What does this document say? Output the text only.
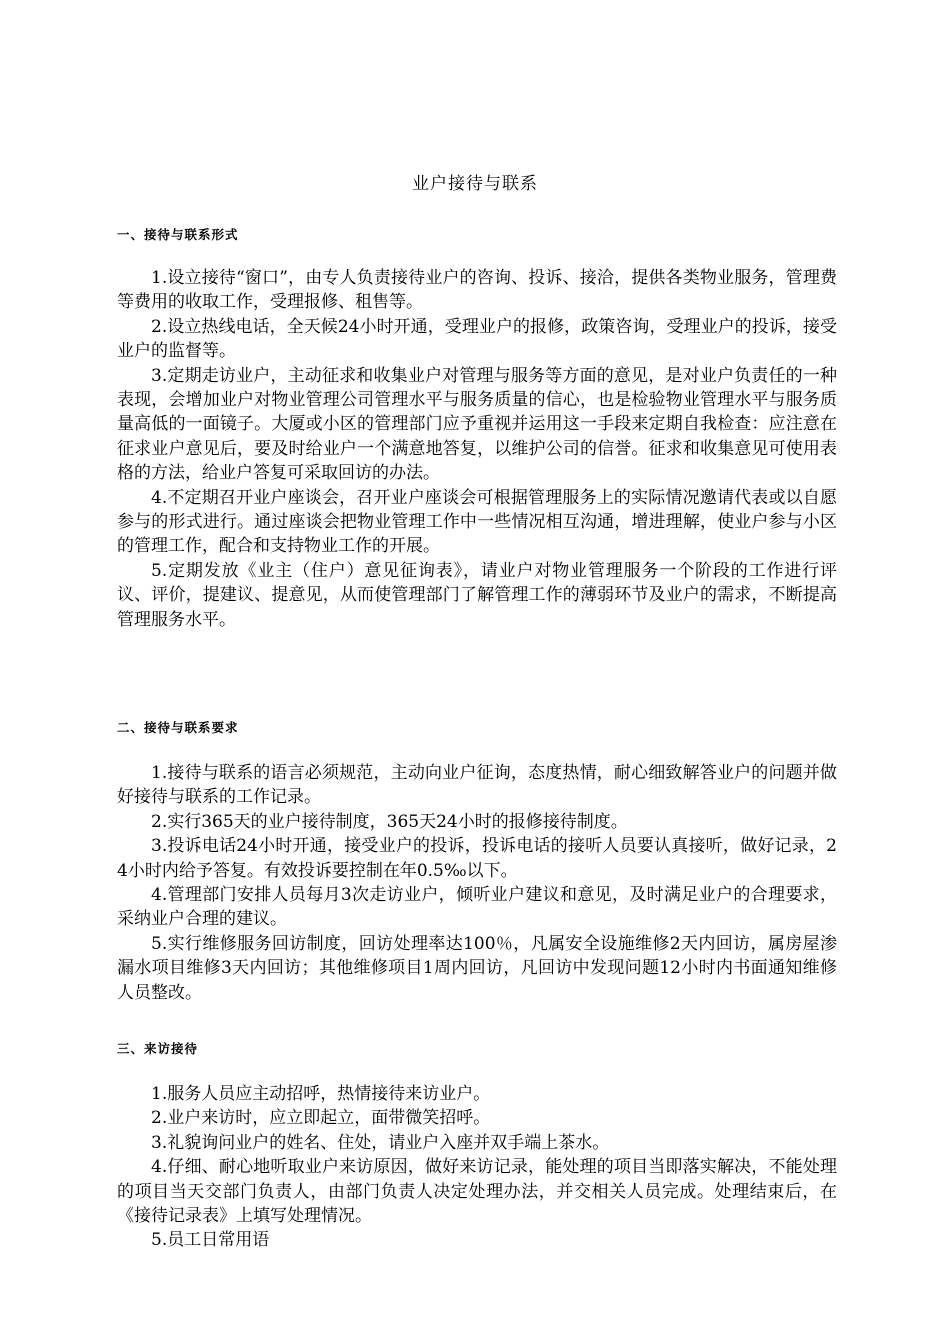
业户接待与联系
一、接待与联系形式

1.设立接待“窗口”，由专人负责接待业户的咨询、投诉、接洽，提供各类物业服务，管理费等费用的收取工作，受理报修、租售等。

2.设立热线电话，全天候24小时开通，受理业户的报修，政策咨询，受理业户的投诉，接受业户的监督等。

3.定期走访业户，主动征求和收集业户对管理与服务等方面的意见，是对业户负责任的一种表现，会增加业户对物业管理公司管理水平与服务质量的信心，也是检验物业管理水平与服务质量高低的一面镜子。大厦或小区的管理部门应予重视并运用这一手段来定期自我检查：应注意在征求业户意见后，要及时给业户一个满意地答复，以维护公司的信誉。征求和收集意见可使用表格的方法，给业户答复可采取回访的办法。

4.不定期召开业户座谈会，召开业户座谈会可根据管理服务上的实际情况邀请代表或以自愿参与的形式进行。通过座谈会把物业管理工作中一些情况相互沟通，增进理解，使业户参与小区的管理工作，配合和支持物业工作的开展。

5.定期发放《业主（住户）意见征询表》，请业户对物业管理服务一个阶段的工作进行评议、评价，提建议、提意见，从而使管理部门了解管理工作的薄弱环节及业户的需求，不断提高管理服务水平。

二、接待与联系要求

1.接待与联系的语言必须规范，主动向业户征询，态度热情，耐心细致解答业户的问题并做好接待与联系的工作记录。

2.实行365天的业户接待制度，365天24小时的报修接待制度。

3.投诉电话24小时开通，接受业户的投诉，投诉电话的接听人员要认真接听，做好记录，24小时内给予答复。有效投诉要控制在年0.5‰以下。

4.管理部门安排人员每月3次走访业户，倾听业户建议和意见，及时满足业户的合理要求，采纳业户合理的建议。

5.实行维修服务回访制度，回访处理率达100％，凡属安全设施维修2天内回访，属房屋渗漏水项目维修3天内回访；其他维修项目1周内回访，凡回访中发现问题12小时内书面通知维修人员整改。

三、来访接待

1.服务人员应主动招呼，热情接待来访业户。

2.业户来访时，应立即起立，面带微笑招呼。

3.礼貌询问业户的姓名、住处，请业户入座并双手端上茶水。

4.仔细、耐心地听取业户来访原因，做好来访记录，能处理的项目当即落实解决，不能处理的项目当天交部门负责人，由部门负责人决定处理办法，并交相关人员完成。处理结束后，在《接待记录表》上填写处理情况。

5.员工日常用语
